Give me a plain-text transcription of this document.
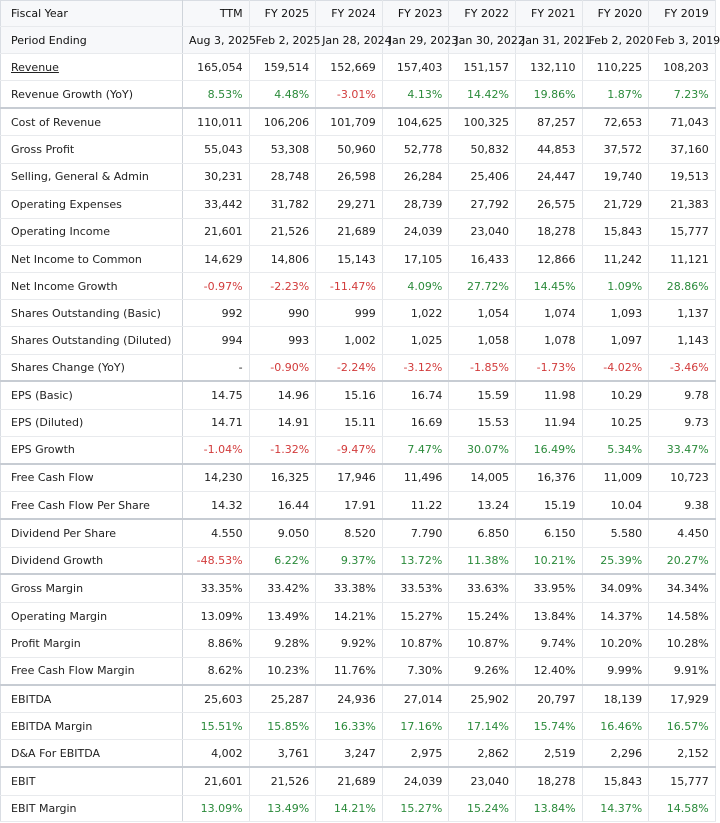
Fiscal Year	TTM	FY 2025	FY 2024	FY 2023	FY 2022	FY 2021	FY 2020	FY 2019
Period Ending	Aug 3, 2025	Feb 2, 2025	Jan 28, 2024	Jan 29, 2023	Jan 30, 2022	Jan 31, 2021	Feb 2, 2020	Feb 3, 2019
Revenue	165,054	159,514	152,669	157,403	151,157	132,110	110,225	108,203
Revenue Growth (YoY)	8.53%	4.48%	-3.01%	4.13%	14.42%	19.86%	1.87%	7.23%
Cost of Revenue	110,011	106,206	101,709	104,625	100,325	87,257	72,653	71,043
Gross Profit	55,043	53,308	50,960	52,778	50,832	44,853	37,572	37,160
Selling, General & Admin	30,231	28,748	26,598	26,284	25,406	24,447	19,740	19,513
Operating Expenses	33,442	31,782	29,271	28,739	27,792	26,575	21,729	21,383
Operating Income	21,601	21,526	21,689	24,039	23,040	18,278	15,843	15,777
Net Income to Common	14,629	14,806	15,143	17,105	16,433	12,866	11,242	11,121
Net Income Growth	-0.97%	-2.23%	-11.47%	4.09%	27.72%	14.45%	1.09%	28.86%
Shares Outstanding (Basic)	992	990	999	1,022	1,054	1,074	1,093	1,137
Shares Outstanding (Diluted)	994	993	1,002	1,025	1,058	1,078	1,097	1,143
Shares Change (YoY)	-	-0.90%	-2.24%	-3.12%	-1.85%	-1.73%	-4.02%	-3.46%
EPS (Basic)	14.75	14.96	15.16	16.74	15.59	11.98	10.29	9.78
EPS (Diluted)	14.71	14.91	15.11	16.69	15.53	11.94	10.25	9.73
EPS Growth	-1.04%	-1.32%	-9.47%	7.47%	30.07%	16.49%	5.34%	33.47%
Free Cash Flow	14,230	16,325	17,946	11,496	14,005	16,376	11,009	10,723
Free Cash Flow Per Share	14.32	16.44	17.91	11.22	13.24	15.19	10.04	9.38
Dividend Per Share	4.550	9.050	8.520	7.790	6.850	6.150	5.580	4.450
Dividend Growth	-48.53%	6.22%	9.37%	13.72%	11.38%	10.21%	25.39%	20.27%
Gross Margin	33.35%	33.42%	33.38%	33.53%	33.63%	33.95%	34.09%	34.34%
Operating Margin	13.09%	13.49%	14.21%	15.27%	15.24%	13.84%	14.37%	14.58%
Profit Margin	8.86%	9.28%	9.92%	10.87%	10.87%	9.74%	10.20%	10.28%
Free Cash Flow Margin	8.62%	10.23%	11.76%	7.30%	9.26%	12.40%	9.99%	9.91%
EBITDA	25,603	25,287	24,936	27,014	25,902	20,797	18,139	17,929
EBITDA Margin	15.51%	15.85%	16.33%	17.16%	17.14%	15.74%	16.46%	16.57%
D&A For EBITDA	4,002	3,761	3,247	2,975	2,862	2,519	2,296	2,152
EBIT	21,601	21,526	21,689	24,039	23,040	18,278	15,843	15,777
EBIT Margin	13.09%	13.49%	14.21%	15.27%	15.24%	13.84%	14.37%	14.58%
